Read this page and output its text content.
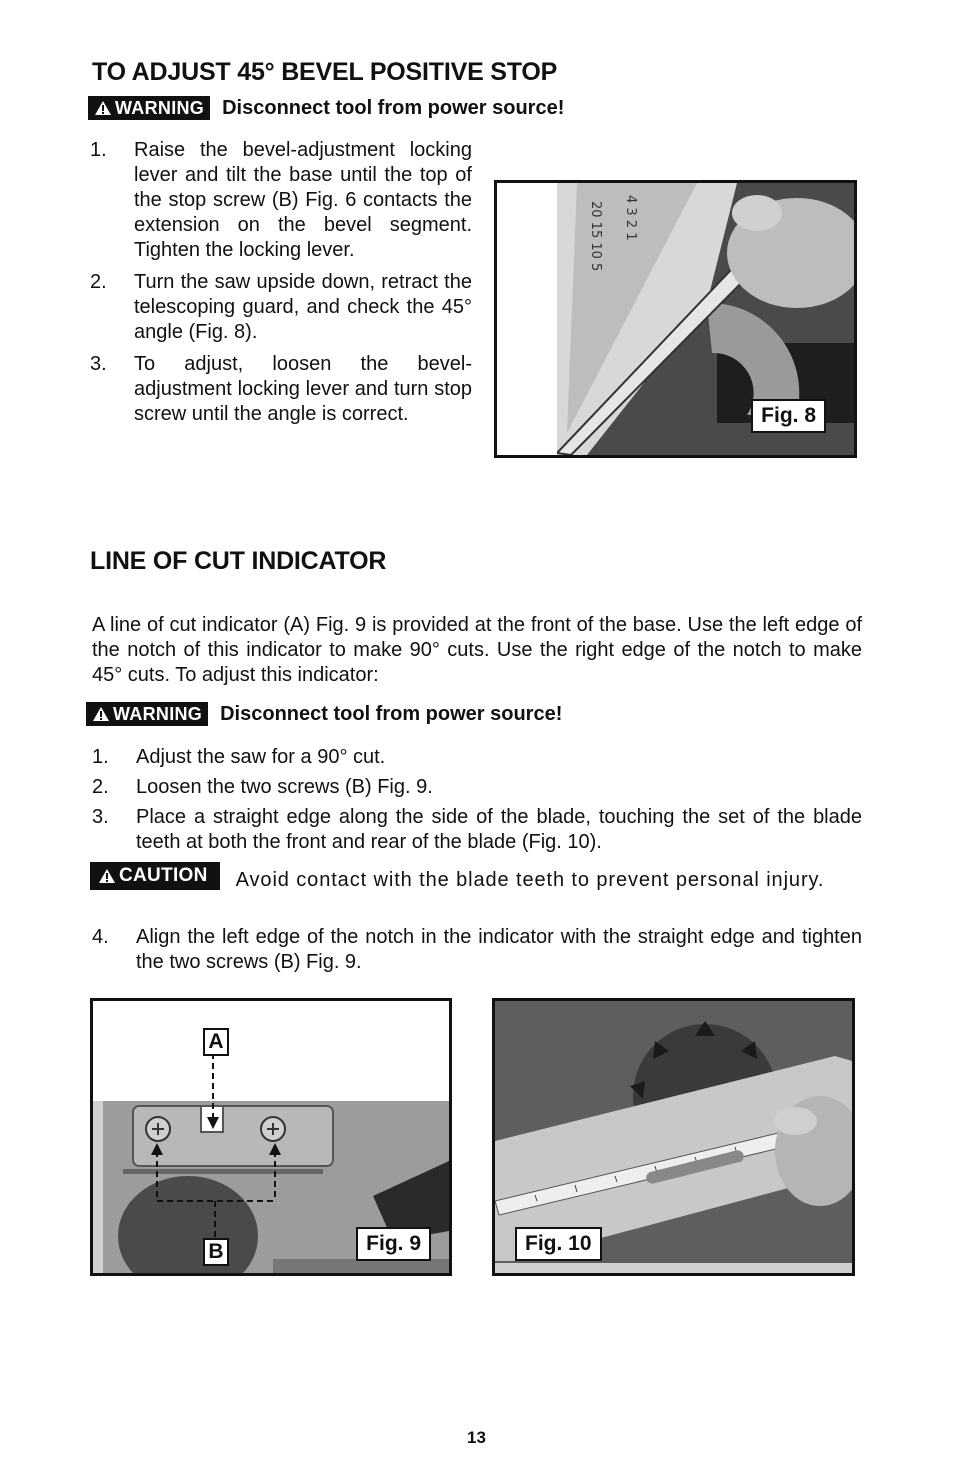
TO ADJUST 45° BEVEL POSITIVE STOP
WARNING Disconnect tool from power source!
1.	Raise the bevel-adjustment locking lever and tilt the base until the top of the stop screw (B) Fig. 6 contacts the extension on the bevel segment. Tighten the locking lever.
2.	Turn the saw upside down, retract the telescoping guard, and check the 45° angle (Fig. 8).
3.	To adjust, loosen the bevel-adjustment locking lever and turn stop screw until the angle is correct.
20 15 10 5 4 3 2 1
Fig. 8
LINE OF CUT INDICATOR
A line of cut indicator (A) Fig. 9 is provided at the front of the base. Use the left edge of the notch of this indicator to make 90° cuts. Use the right edge of the notch to make 45° cuts. To adjust this indicator:
WARNING Disconnect tool from power source!
1.	Adjust the saw for a 90° cut.
2.	Loosen the two screws (B) Fig. 9.
3.	Place a straight edge along the side of the blade, touching the set of the blade teeth at both the front and rear of the blade (Fig. 10).
CAUTION	Avoid contact with the blade teeth to prevent personal injury.
4.	Align the left edge of the notch in the indicator with the straight edge and tighten the two screws (B) Fig. 9.
A
B	Fig. 9	Fig. 10
13
